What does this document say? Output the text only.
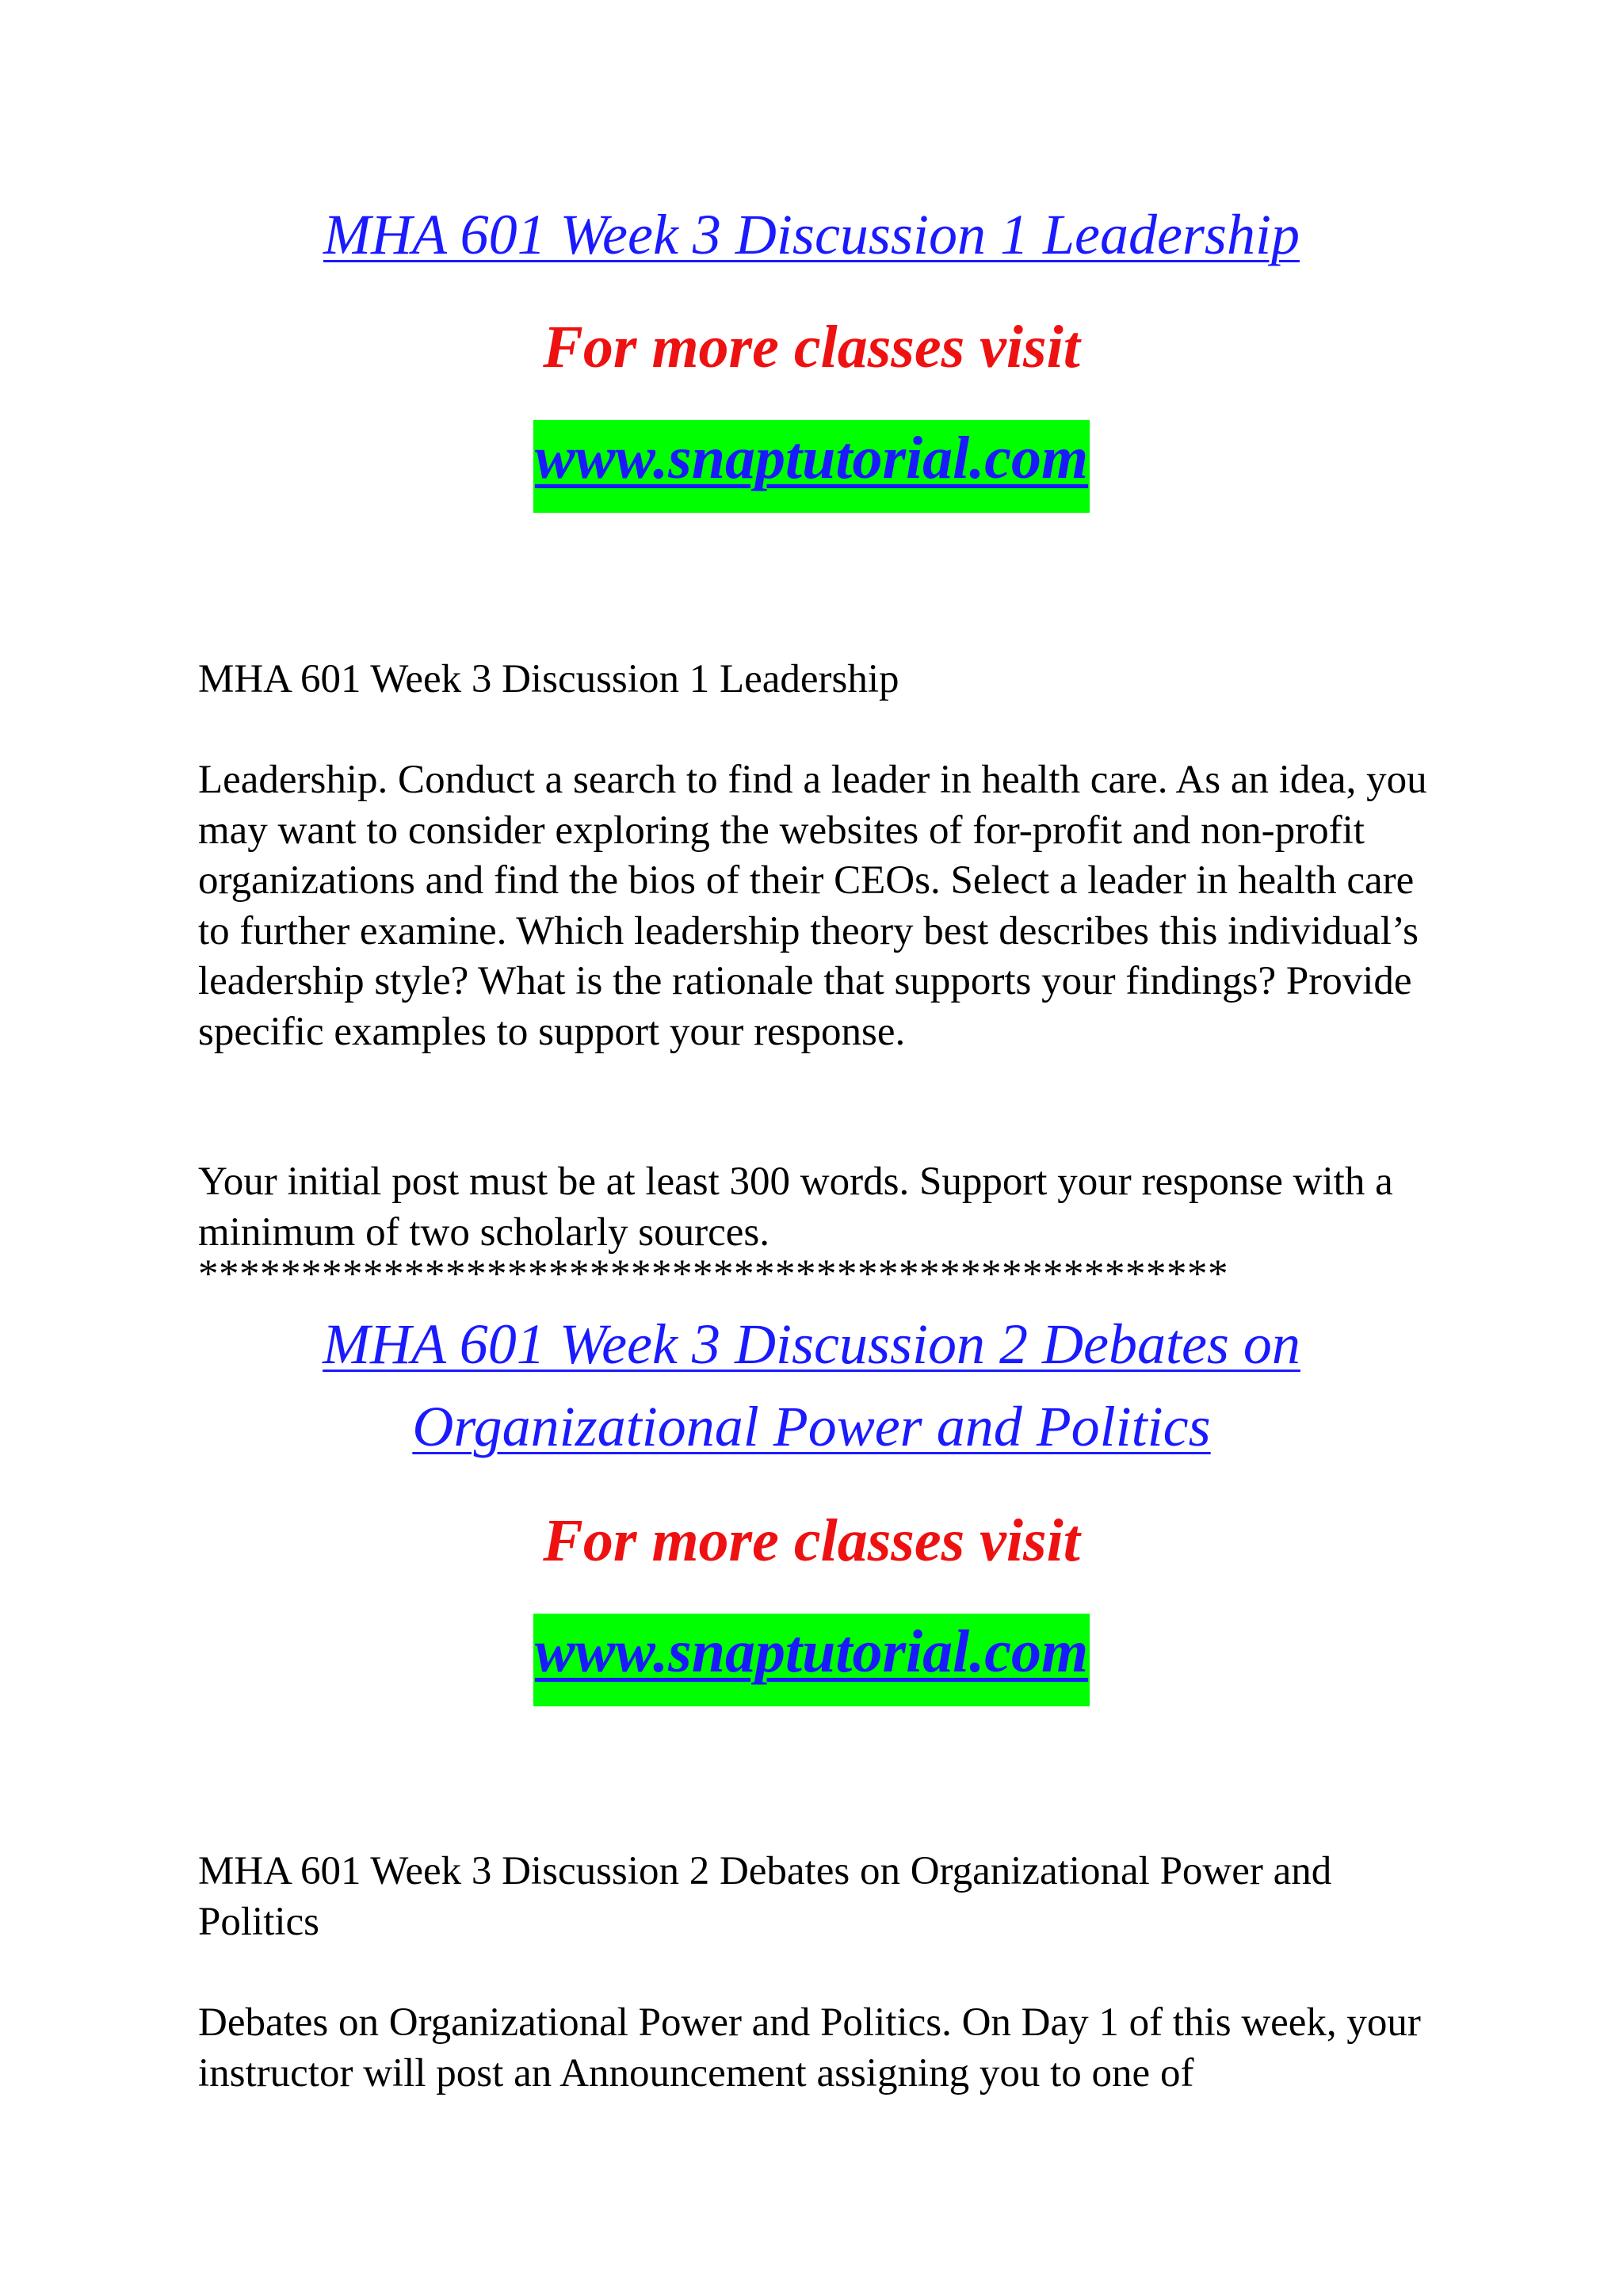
MHA 601 Week 3 Discussion 1 Leadership
For more classes visit
www.snaptutorial.com
MHA 601 Week 3 Discussion 1 Leadership
Leadership. Conduct a search to find a leader in health care. As an idea, you may want to consider exploring the websites of for-profit and non-profit organizations and find the bios of their CEOs. Select a leader in health care to further examine. Which leadership theory best describes this individual’s leadership style? What is the rationale that supports your findings? Provide specific examples to support your response.
Your initial post must be at least 300 words. Support your response with a minimum of two scholarly sources.
**************************************************
MHA 601 Week 3 Discussion 2 Debates on
Organizational Power and Politics
For more classes visit
www.snaptutorial.com
MHA 601 Week 3 Discussion 2 Debates on Organizational Power and Politics
Debates on Organizational Power and Politics. On Day 1 of this week, your instructor will post an Announcement assigning you to one of
